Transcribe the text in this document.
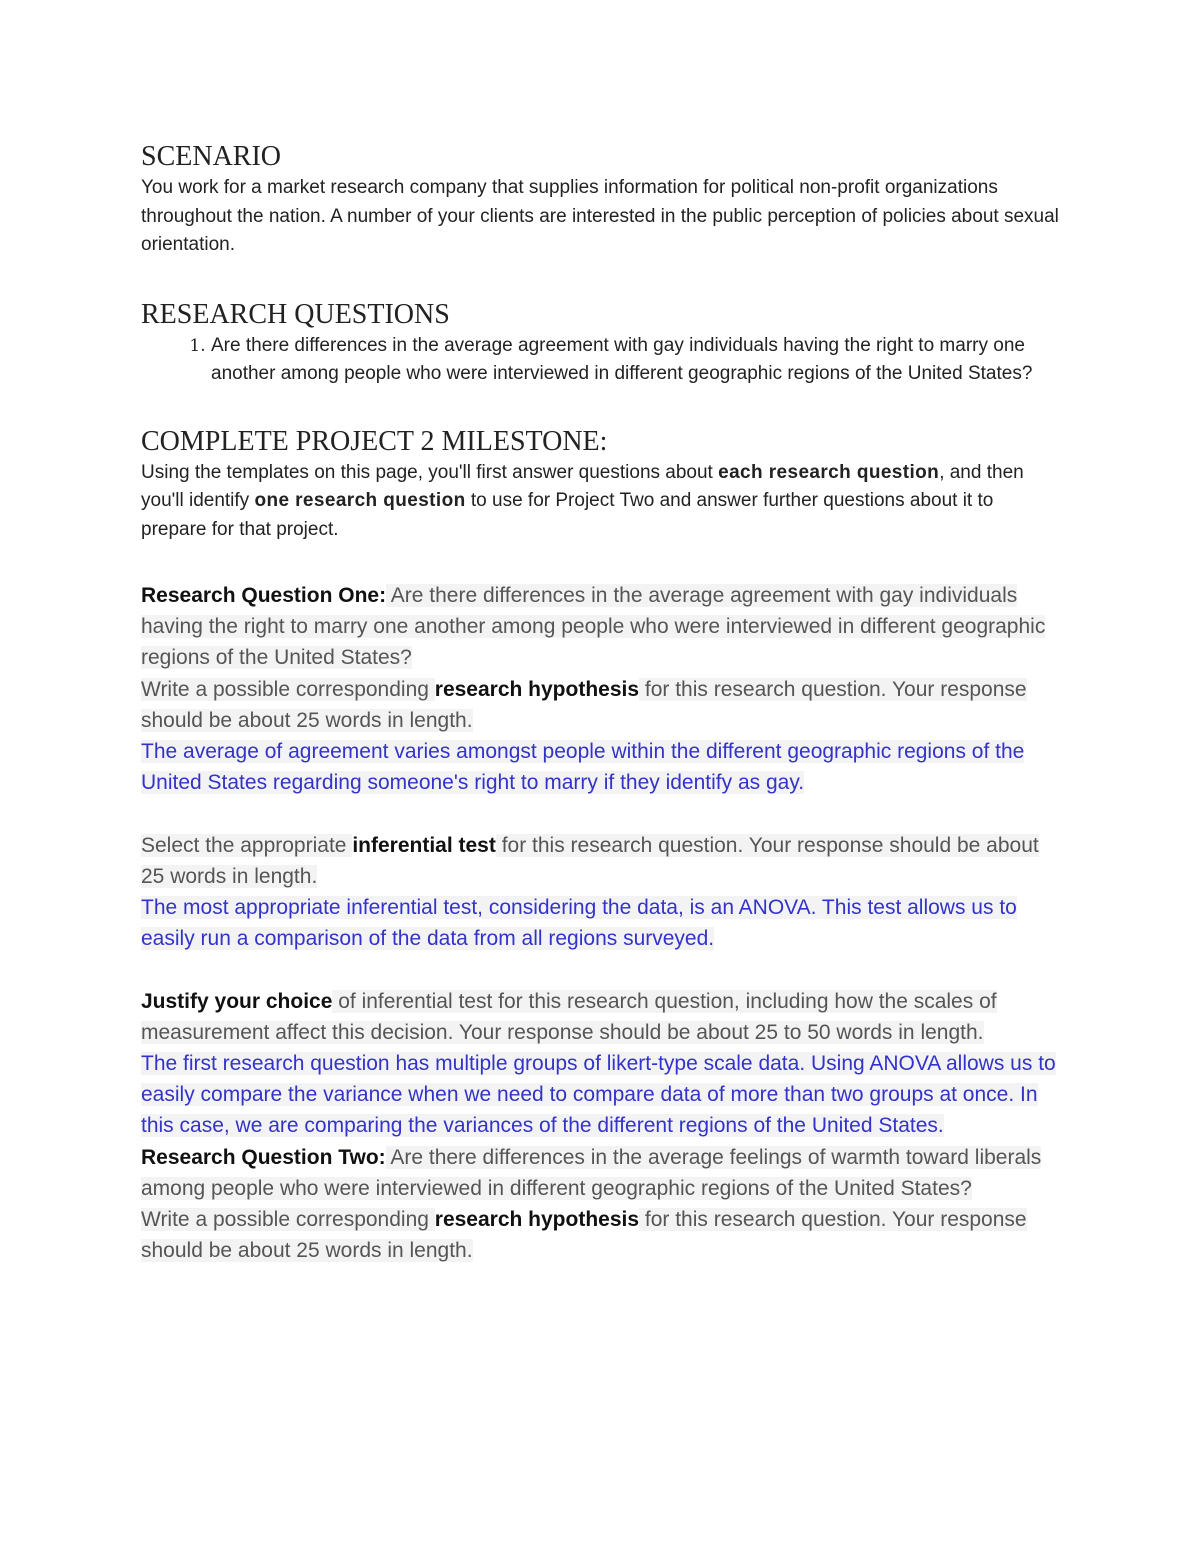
SCENARIO

You work for a market research company that supplies information for political non-profit organizations throughout the nation. A number of your clients are interested in the public perception of policies about sexual orientation.

RESEARCH QUESTIONS
1. Are there differences in the average agreement with gay individuals having the right to marry one another among people who were interviewed in different geographic regions of the United States?
COMPLETE PROJECT 2 MILESTONE:

Using the templates on this page, you'll first answer questions about each research question, and then you'll identify one research question to use for Project Two and answer further questions about it to prepare for that project.

Research Question One: Are there differences in the average agreement with gay individuals having the right to marry one another among people who were interviewed in different geographic regions of the United States?

Write a possible corresponding research hypothesis for this research question. Your response should be about 25 words in length.

The average of agreement varies amongst people within the different geographic regions of the United States regarding someone's right to marry if they identify as gay.

Select the appropriate inferential test for this research question. Your response should be about 25 words in length.

The most appropriate inferential test, considering the data, is an ANOVA. This test allows us to easily run a comparison of the data from all regions surveyed.

Justify your choice of inferential test for this research question, including how the scales of measurement affect this decision. Your response should be about 25 to 50 words in length.

The first research question has multiple groups of likert-type scale data. Using ANOVA allows us to easily compare the variance when we need to compare data of more than two groups at once. In this case, we are comparing the variances of the different regions of the United States.

Research Question Two: Are there differences in the average feelings of warmth toward liberals among people who were interviewed in different geographic regions of the United States?

Write a possible corresponding research hypothesis for this research question. Your response should be about 25 words in length.
